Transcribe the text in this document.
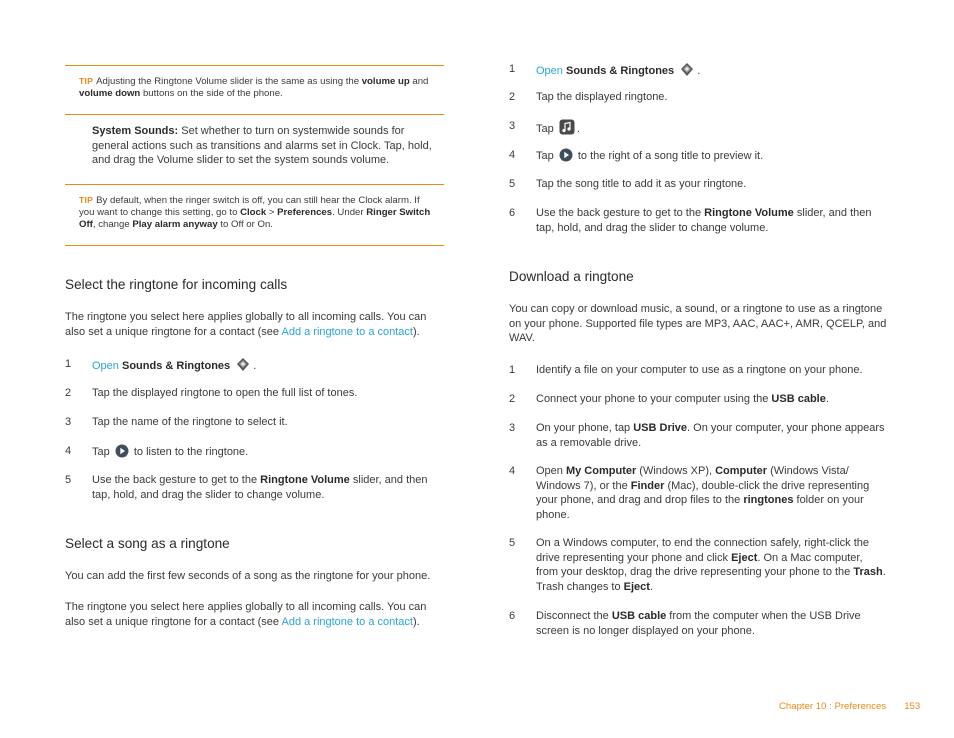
TIP Adjusting the Ringtone Volume slider is the same as using the volume up and volume down buttons on the side of the phone.
System Sounds: Set whether to turn on systemwide sounds for general actions such as transitions and alarms set in Clock. Tap, hold, and drag the Volume slider to set the system sounds volume.
TIP By default, when the ringer switch is off, you can still hear the Clock alarm. If you want to change this setting, go to Clock > Preferences. Under Ringer Switch Off, change Play alarm anyway to Off or On.
Select the ringtone for incoming calls
The ringtone you select here applies globally to all incoming calls. You can also set a unique ringtone for a contact (see Add a ringtone to a contact).
1	Open Sounds & Ringtones .
2	Tap the displayed ringtone to open the full list of tones.
3	Tap the name of the ringtone to select it.
4	Tap to listen to the ringtone.
5	Use the back gesture to get to the Ringtone Volume slider, and then tap, hold, and drag the slider to change volume.
Select a song as a ringtone
You can add the first few seconds of a song as the ringtone for your phone.
The ringtone you select here applies globally to all incoming calls. You can also set a unique ringtone for a contact (see Add a ringtone to a contact).
1	Open Sounds & Ringtones .
2	Tap the displayed ringtone.
3	Tap .
4	Tap to the right of a song title to preview it.
5	Tap the song title to add it as your ringtone.
6	Use the back gesture to get to the Ringtone Volume slider, and then tap, hold, and drag the slider to change volume.
Download a ringtone
You can copy or download music, a sound, or a ringtone to use as a ringtone on your phone. Supported file types are MP3, AAC, AAC+, AMR, QCELP, and WAV.
1	Identify a file on your computer to use as a ringtone on your phone.
2	Connect your phone to your computer using the USB cable.
3	On your phone, tap USB Drive. On your computer, your phone appears as a removable drive.
4	Open My Computer (Windows XP), Computer (Windows Vista/ Windows 7), or the Finder (Mac), double-click the drive representing your phone, and drag and drop files to the ringtones folder on your phone.
5	On a Windows computer, to end the connection safely, right-click the drive representing your phone and click Eject. On a Mac computer, from your desktop, drag the drive representing your phone to the Trash. Trash changes to Eject.
6	Disconnect the USB cable from the computer when the USB Drive screen is no longer displayed on your phone.
Chapter 10 : Preferences 153
